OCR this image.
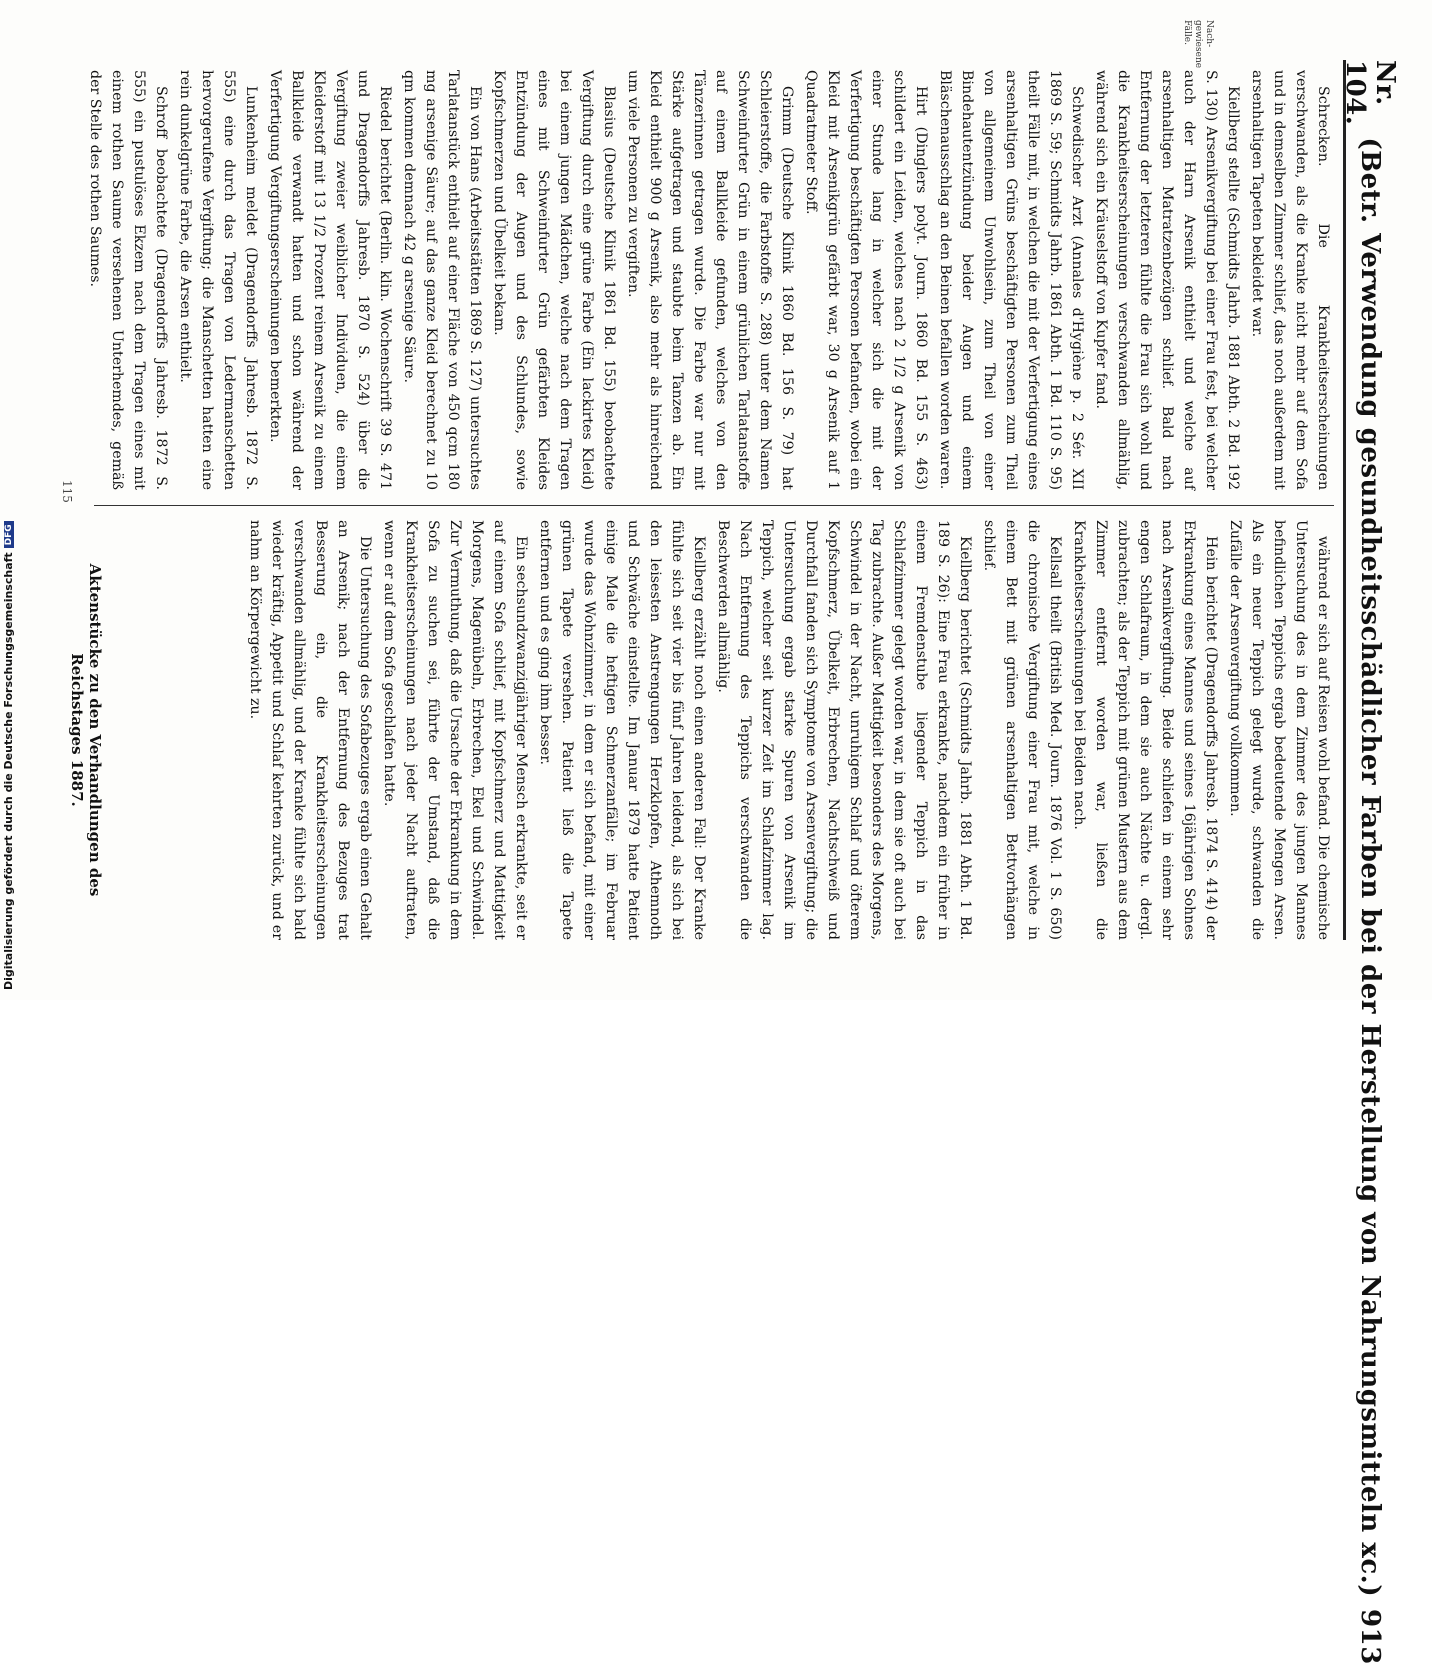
Nr. 104.
(Betr. Verwendung gesundheitsschädlicher Farben bei der Herstellung von Nahrungsmitteln xc.)
913
Nach-gewiesene Fälle.

Schrecken. Die Krankheitserscheinungen verschwanden, als die Kranke nicht mehr auf dem Sofa und in demselben Zimmer schlief, das noch außerdem mit arsenhaltigen Tapeten bekleidet war.

Kiellberg stellte (Schmidts Jahrb. 1881 Abth. 2 Bd. 192 S. 130) Arsenikvergiftung bei einer Frau fest, bei welcher auch der Harn Arsenik enthielt und welche auf arsenhaltigen Matratzenbezügen schlief. Bald nach Entfernung der letzteren fühlte die Frau sich wohl und die Krankheitserscheinungen verschwanden allmählig, während sich ein Kräuselstoff von Kupfer fand.

Schwedischer Arzt (Annales d'Hygiène p. 2 Sér. XII 1869 S. 59; Schmidts Jahrb. 1861 Abth. 1 Bd. 110 S. 95) theilt Fälle mit, in welchen die mit der Verfertigung eines arsenhaltigen Grüns beschäftigten Personen zum Theil von allgemeinem Unwohlsein, zum Theil von einer Bindehautentzündung beider Augen und einem Bläschenausschlag an den Beinen befallen worden waren.

Hirt (Dinglers polyt. Journ. 1860 Bd. 155 S. 463) schildert ein Leiden, welches nach 2 1/2 g Arsenik von einer Stunde lang in welcher sich die mit der Verfertigung beschäftigten Personen befanden, wobei ein Kleid mit Arsenikgrün gefärbt war, 30 g Arsenik auf 1 Quadratmeter Stoff.

Grimm (Deutsche Klinik 1860 Bd. 156 S. 79) hat Schleierstoffe, die Farbstoffe S. 288) unter dem Namen Schweinfurter Grün in einem grünlichen Tarlatanstoffe auf einem Ballkleide gefunden, welches von den Tänzerinnen getragen wurde. Die Farbe war nur mit Stärke aufgetragen und staubte beim Tanzen ab. Ein Kleid enthielt 900 g Arsenik, also mehr als hinreichend um viele Personen zu vergiften.

Blasius (Deutsche Klinik 1861 Bd. 155) beobachtete Vergiftung durch eine grüne Farbe (Ein lackirtes Kleid) bei einem jungen Mädchen, welche nach dem Tragen eines mit Schweinfurter Grün gefärbten Kleides Entzündung der Augen und des Schlundes, sowie Kopfschmerzen und Übelkeit bekam.

Ein von Hans (Arbeitsstätten 1869 S. 127) untersuchtes Tarlatanstück enthielt auf einer Fläche von 450 qcm 180 mg arsenige Säure; auf das ganze Kleid berechnet zu 10 qm kommen demnach 42 g arsenige Säure.

Riedel berichtet (Berlin. klin. Wochenschrift 39 S. 471 und Dragendorffs Jahresb. 1870 S. 524) über die Vergiftung zweier weiblicher Individuen, die einem Kleiderstoff mit 13 1/2 Prozent reinem Arsenik zu einem Ballkleide verwandt hatten und schon während der Verfertigung Vergiftungserscheinungen bemerkten.

Lunkenheim meldet (Dragendorffs Jahresb. 1872 S. 555) eine durch das Tragen von Ledermanschetten hervorgerufene Vergiftung; die Manschetten hatten eine rein dunkelgrüne Farbe, die Arsen enthielt.

Schroff beobachtete (Dragendorffs Jahresb. 1872 S. 555) ein pustulöses Ekzem nach dem Tragen eines mit einem rothen Saume versehenen Unterhemdes, gemäß der Stelle des rothen Saumes.

während er sich auf Reisen wohl befand. Die chemische Untersuchung des in dem Zimmer des jungen Mannes befindlichen Teppichs ergab bedeutende Mengen Arsen. Als ein neuer Teppich gelegt wurde, schwanden die Zufälle der Arsenvergiftung vollkommen.

Hein berichtet (Dragendorffs Jahresb. 1874 S. 414) der Erkrankung eines Mannes und seines 16jährigen Sohnes nach Arsenikvergiftung. Beide schliefen in einem sehr engen Schlafraum, in dem sie auch Nächte u. dergl. zubrachten; als der Teppich mit grünen Mustern aus dem Zimmer entfernt worden war, ließen die Krankheitserscheinungen bei Beiden nach.

Kellsall theilt (British Med. Journ. 1876 Vol. 1 S. 650) die chronische Vergiftung einer Frau mit, welche in einem Bett mit grünen arsenhaltigen Bettvorhängen schlief.

Kiellberg berichtet (Schmidts Jahrb. 1881 Abth. 1 Bd. 189 S. 26): Eine Frau erkrankte, nachdem ein früher in einem Fremdenstube liegender Teppich in das Schlafzimmer gelegt worden war, in dem sie oft auch bei Tag zubrachte. Außer Mattigkeit besonders des Morgens, Schwindel in der Nacht, unruhigem Schlaf und öfterem Kopfschmerz, Übelkeit, Erbrechen, Nachtschweiß und Durchfall fanden sich Symptome von Arsenvergiftung; die Untersuchung ergab starke Spuren von Arsenik im Teppich, welcher seit kurzer Zeit im Schlafzimmer lag. Nach Entfernung des Teppichs verschwanden die Beschwerden allmählig.

Kiellberg erzählt noch einen anderen Fall: Der Kranke fühlte sich seit vier bis fünf Jahren leidend, als sich bei den leisesten Anstrengungen Herzklopfen, Athemnoth und Schwäche einstellte. Im Januar 1879 hatte Patient einige Male die heftigen Schmerzanfälle; im Februar wurde das Wohnzimmer, in dem er sich befand, mit einer grünen Tapete versehen. Patient ließ die Tapete entfernen und es ging ihm besser.

Ein sechsundzwanzigjähriger Mensch erkrankte, seit er auf einem Sofa schlief, mit Kopfschmerz und Mattigkeit Morgens, Magenübeln, Erbrechen, Ekel und Schwindel. Zur Vermuthung, daß die Ursache der Erkrankung in dem Sofa zu suchen sei, führte der Umstand, daß die Krankheitserscheinungen nach jeder Nacht auftraten, wenn er auf dem Sofa geschlafen hatte.

Die Untersuchung des Sofabezuges ergab einen Gehalt an Arsenik; nach der Entfernung des Bezuges trat Besserung ein, die Krankheitserscheinungen verschwanden allmählig, und der Kranke fühlte sich bald wieder kräftig, Appetit und Schlaf kehrten zurück, und er nahm an Körpergewicht zu.

Aktenstücke zu den Verhandlungen des Reichstages 1887.
115
Digitalisierung gefördert durch die Deutsche ForschungsgemeinschaftDFG
